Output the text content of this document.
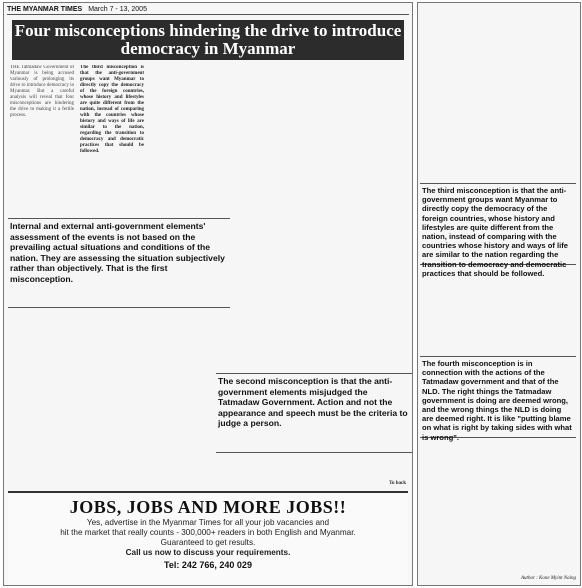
THE MYANMAR TIMES March 7 - 13, 2005
Four misconceptions hindering the drive to introduce democracy in Myanmar

THE Tatmadaw Government of Myanmar is being accused variously of prolonging its drive to introduce democracy in Myanmar. But a careful analysis will reveal that four misconceptions are hindering the drive to making it a fertile process.

The third misconception is that the anti-government groups want Myanmar to directly copy the democracy of the foreign countries, whose history and lifestyles are quite different from the nation, instead of comparing with the countries whose history and ways of life are similar to the nation, regarding the transition to democracy and democratic practices that should be followed.

Internal and external anti-government elements' assessment of the events is not based on the prevailing actual situations and conditions of the nation. They are assessing the situation subjectively rather than objectively. That is the first misconception.
The second misconception is that the anti-government elements misjudged the Tatmadaw Government. Action and not the appearance and speech must be the criteria to judge a person.
To back
JOBS, JOBS AND MORE JOBS!!
Yes, advertise in the Myanmar Times for all your job vacancies and
hit the market that really counts - 300,000+ readers in both English and Myanmar.
Guaranteed to get results.
Call us now to discuss your requirements.
Tel: 242 766, 240 029
The third misconception is that the anti-government groups want Myanmar to directly copy the democracy of the foreign countries, whose history and lifestyles are quite different from the nation, instead of comparing with the countries whose history and ways of life are similar to the nation regarding the transition to democracy and democratic practices that should be followed.
The fourth misconception is in connection with the actions of the Tatmadaw government and that of the NLD. The right things the Tatmadaw government is doing are deemed wrong, and the wrong things the NLD is doing are deemed right. It is like "putting blame on what is right by taking sides with what is wrong".
Author : Kone Myint Naing
